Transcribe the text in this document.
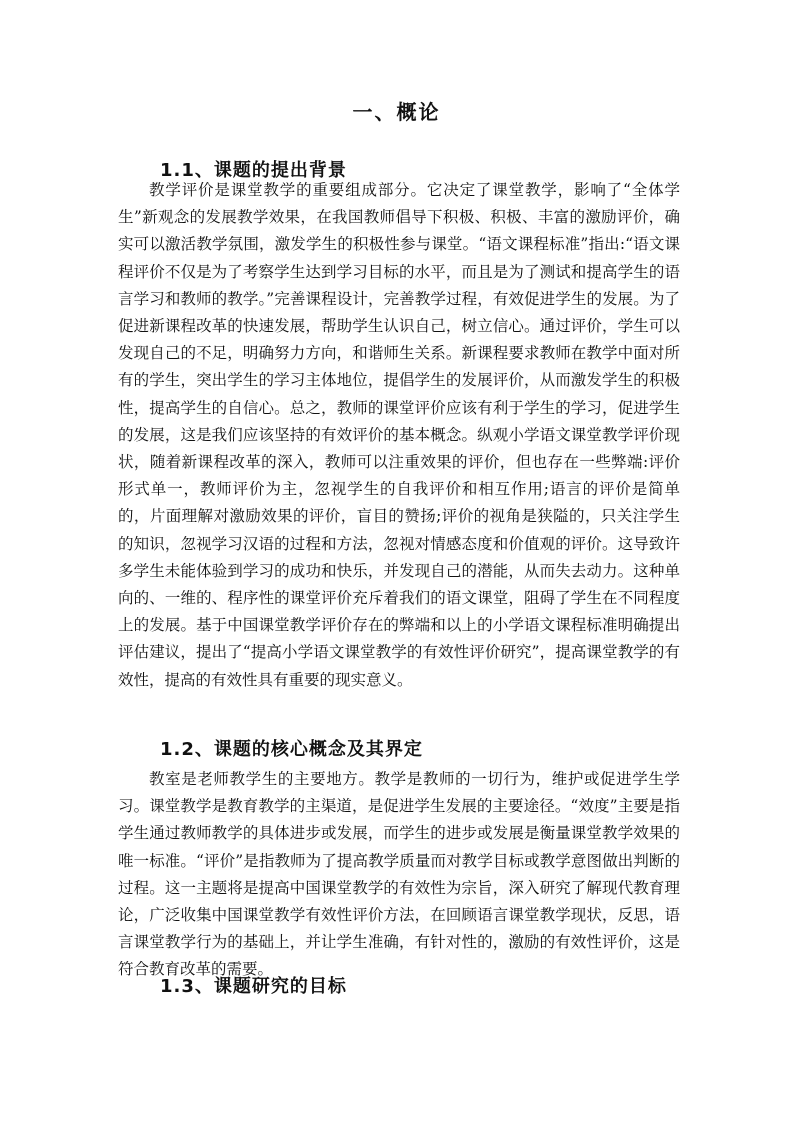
一、概论
1.1、课题的提出背景

教学评价是课堂教学的重要组成部分。它决定了课堂教学，影响了“全体学生”新观念的发展教学效果，在我国教师倡导下积极、积极、丰富的激励评价，确实可以激活教学氛围，激发学生的积极性参与课堂。“语文课程标准”指出:“语文课程评价不仅是为了考察学生达到学习目标的水平，而且是为了测试和提高学生的语言学习和教师的教学。”完善课程设计，完善教学过程，有效促进学生的发展。为了促进新课程改革的快速发展，帮助学生认识自己，树立信心。通过评价，学生可以发现自己的不足，明确努力方向，和谐师生关系。新课程要求教师在教学中面对所有的学生，突出学生的学习主体地位，提倡学生的发展评价，从而激发学生的积极性，提高学生的自信心。总之，教师的课堂评价应该有利于学生的学习，促进学生的发展，这是我们应该坚持的有效评价的基本概念。纵观小学语文课堂教学评价现状，随着新课程改革的深入，教师可以注重效果的评价，但也存在一些弊端:评价形式单一，教师评价为主，忽视学生的自我评价和相互作用;语言的评价是简单的，片面理解对激励效果的评价，盲目的赞扬;评价的视角是狭隘的，只关注学生的知识，忽视学习汉语的过程和方法，忽视对情感态度和价值观的评价。这导致许多学生未能体验到学习的成功和快乐，并发现自己的潜能，从而失去动力。这种单向的、一维的、程序性的课堂评价充斥着我们的语文课堂，阻碍了学生在不同程度上的发展。基于中国课堂教学评价存在的弊端和以上的小学语文课程标准明确提出评估建议，提出了“提高小学语文课堂教学的有效性评价研究”，提高课堂教学的有效性，提高的有效性具有重要的现实意义。

1.2、课题的核心概念及其界定

教室是老师教学生的主要地方。教学是教师的一切行为，维护或促进学生学习。课堂教学是教育教学的主渠道，是促进学生发展的主要途径。“效度”主要是指学生通过教师教学的具体进步或发展，而学生的进步或发展是衡量课堂教学效果的唯一标准。“评价”是指教师为了提高教学质量而对教学目标或教学意图做出判断的过程。这一主题将是提高中国课堂教学的有效性为宗旨，深入研究了解现代教育理论，广泛收集中国课堂教学有效性评价方法，在回顾语言课堂教学现状，反思，语言课堂教学行为的基础上，并让学生准确，有针对性的，激励的有效性评价，这是符合教育改革的需要。

1.3、课题研究的目标
